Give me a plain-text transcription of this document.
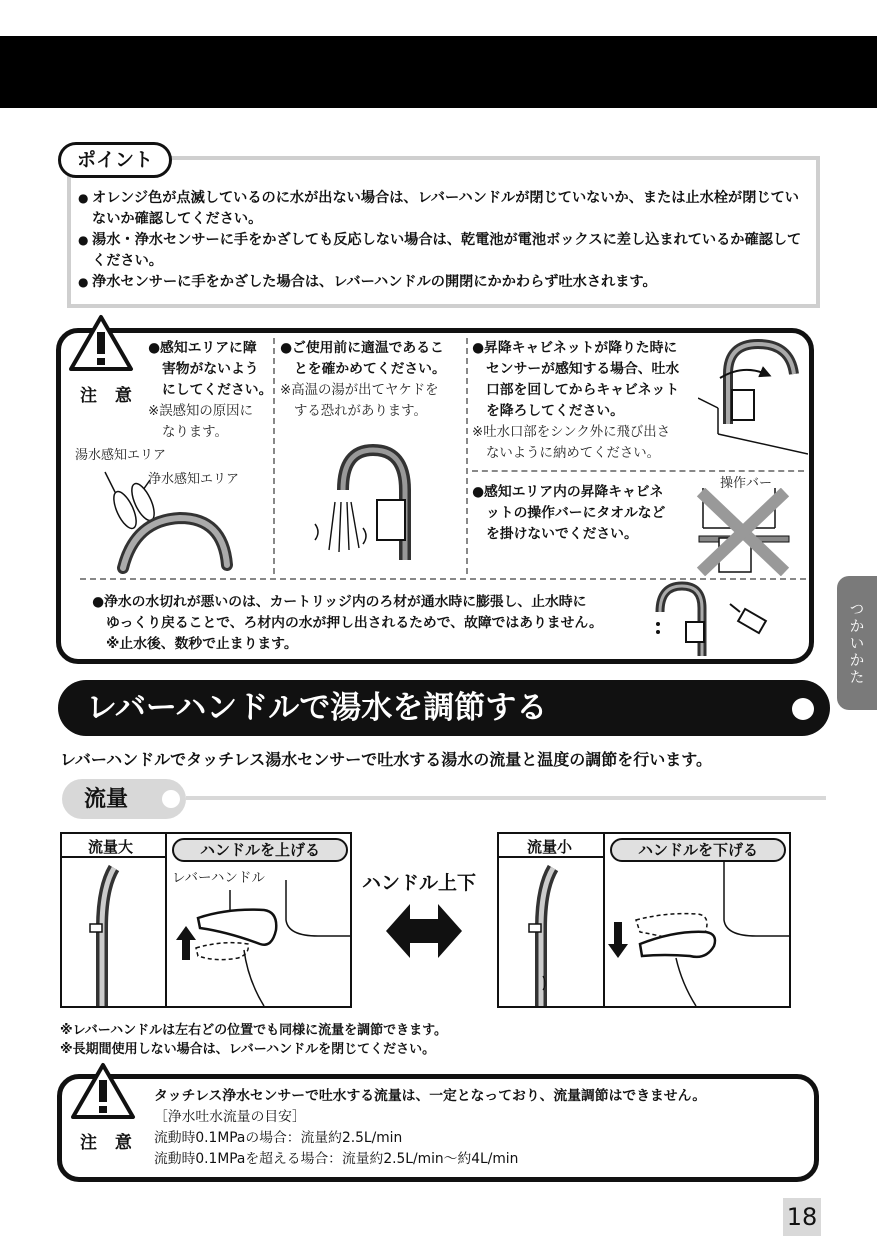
ポイント

● オレンジ色が点滅しているのに水が出ない場合は、レバーハンドルが閉じていないか、または止水栓が閉じていないか確認してください。

● 湯水・浄水センサーに手をかざしても反応しない場合は、乾電池が電池ボックスに差し込まれているか確認してください。

● 浄水センサーに手をかざした場合は、レバーハンドルの開閉にかかわらず吐水されます。

注 意
●感知エリアに障
害物がないよう
にしてください。
※誤感知の原因に
なります。
湯水感知エリア
浄水感知エリア
●ご使用前に適温であるこ
とを確かめてください。
※高温の湯が出てヤケドを
する恐れがあります。
●昇降キャビネットが降りた時に
センサーが感知する場合、吐水
口部を回してからキャビネット
を降ろしてください。
※吐水口部をシンク外に飛び出さ
ないように納めてください。
●感知エリア内の昇降キャビネ
ットの操作バーにタオルなど
を掛けないでください。
操作バー
●浄水の水切れが悪いのは、カートリッジ内のろ材が通水時に膨張し、止水時に
ゆっくり戻ることで、ろ材内の水が押し出されるためで、故障ではありません。
※止水後、数秒で止まります。	つかいかた
レバーハンドルで湯水を調節する
レバーハンドルでタッチレス湯水センサーで吐水する湯水の流量と温度の調節を行います。
流量
流量大	ハンドルを上げる
レバーハンドル	ハンドル上下
流量小	ハンドルを下げる
※レバーハンドルは左右どの位置でも同様に流量を調節できます。
※長期間使用しない場合は、レバーハンドルを閉じてください。
注 意
タッチレス浄水センサーで吐水する流量は、一定となっており、流量調節はできません。
［浄水吐水流量の目安］
流動時0.1MPaの場合：流量約2.5L/min
流動時0.1MPaを超える場合：流量約2.5L/min〜約4L/min
18
